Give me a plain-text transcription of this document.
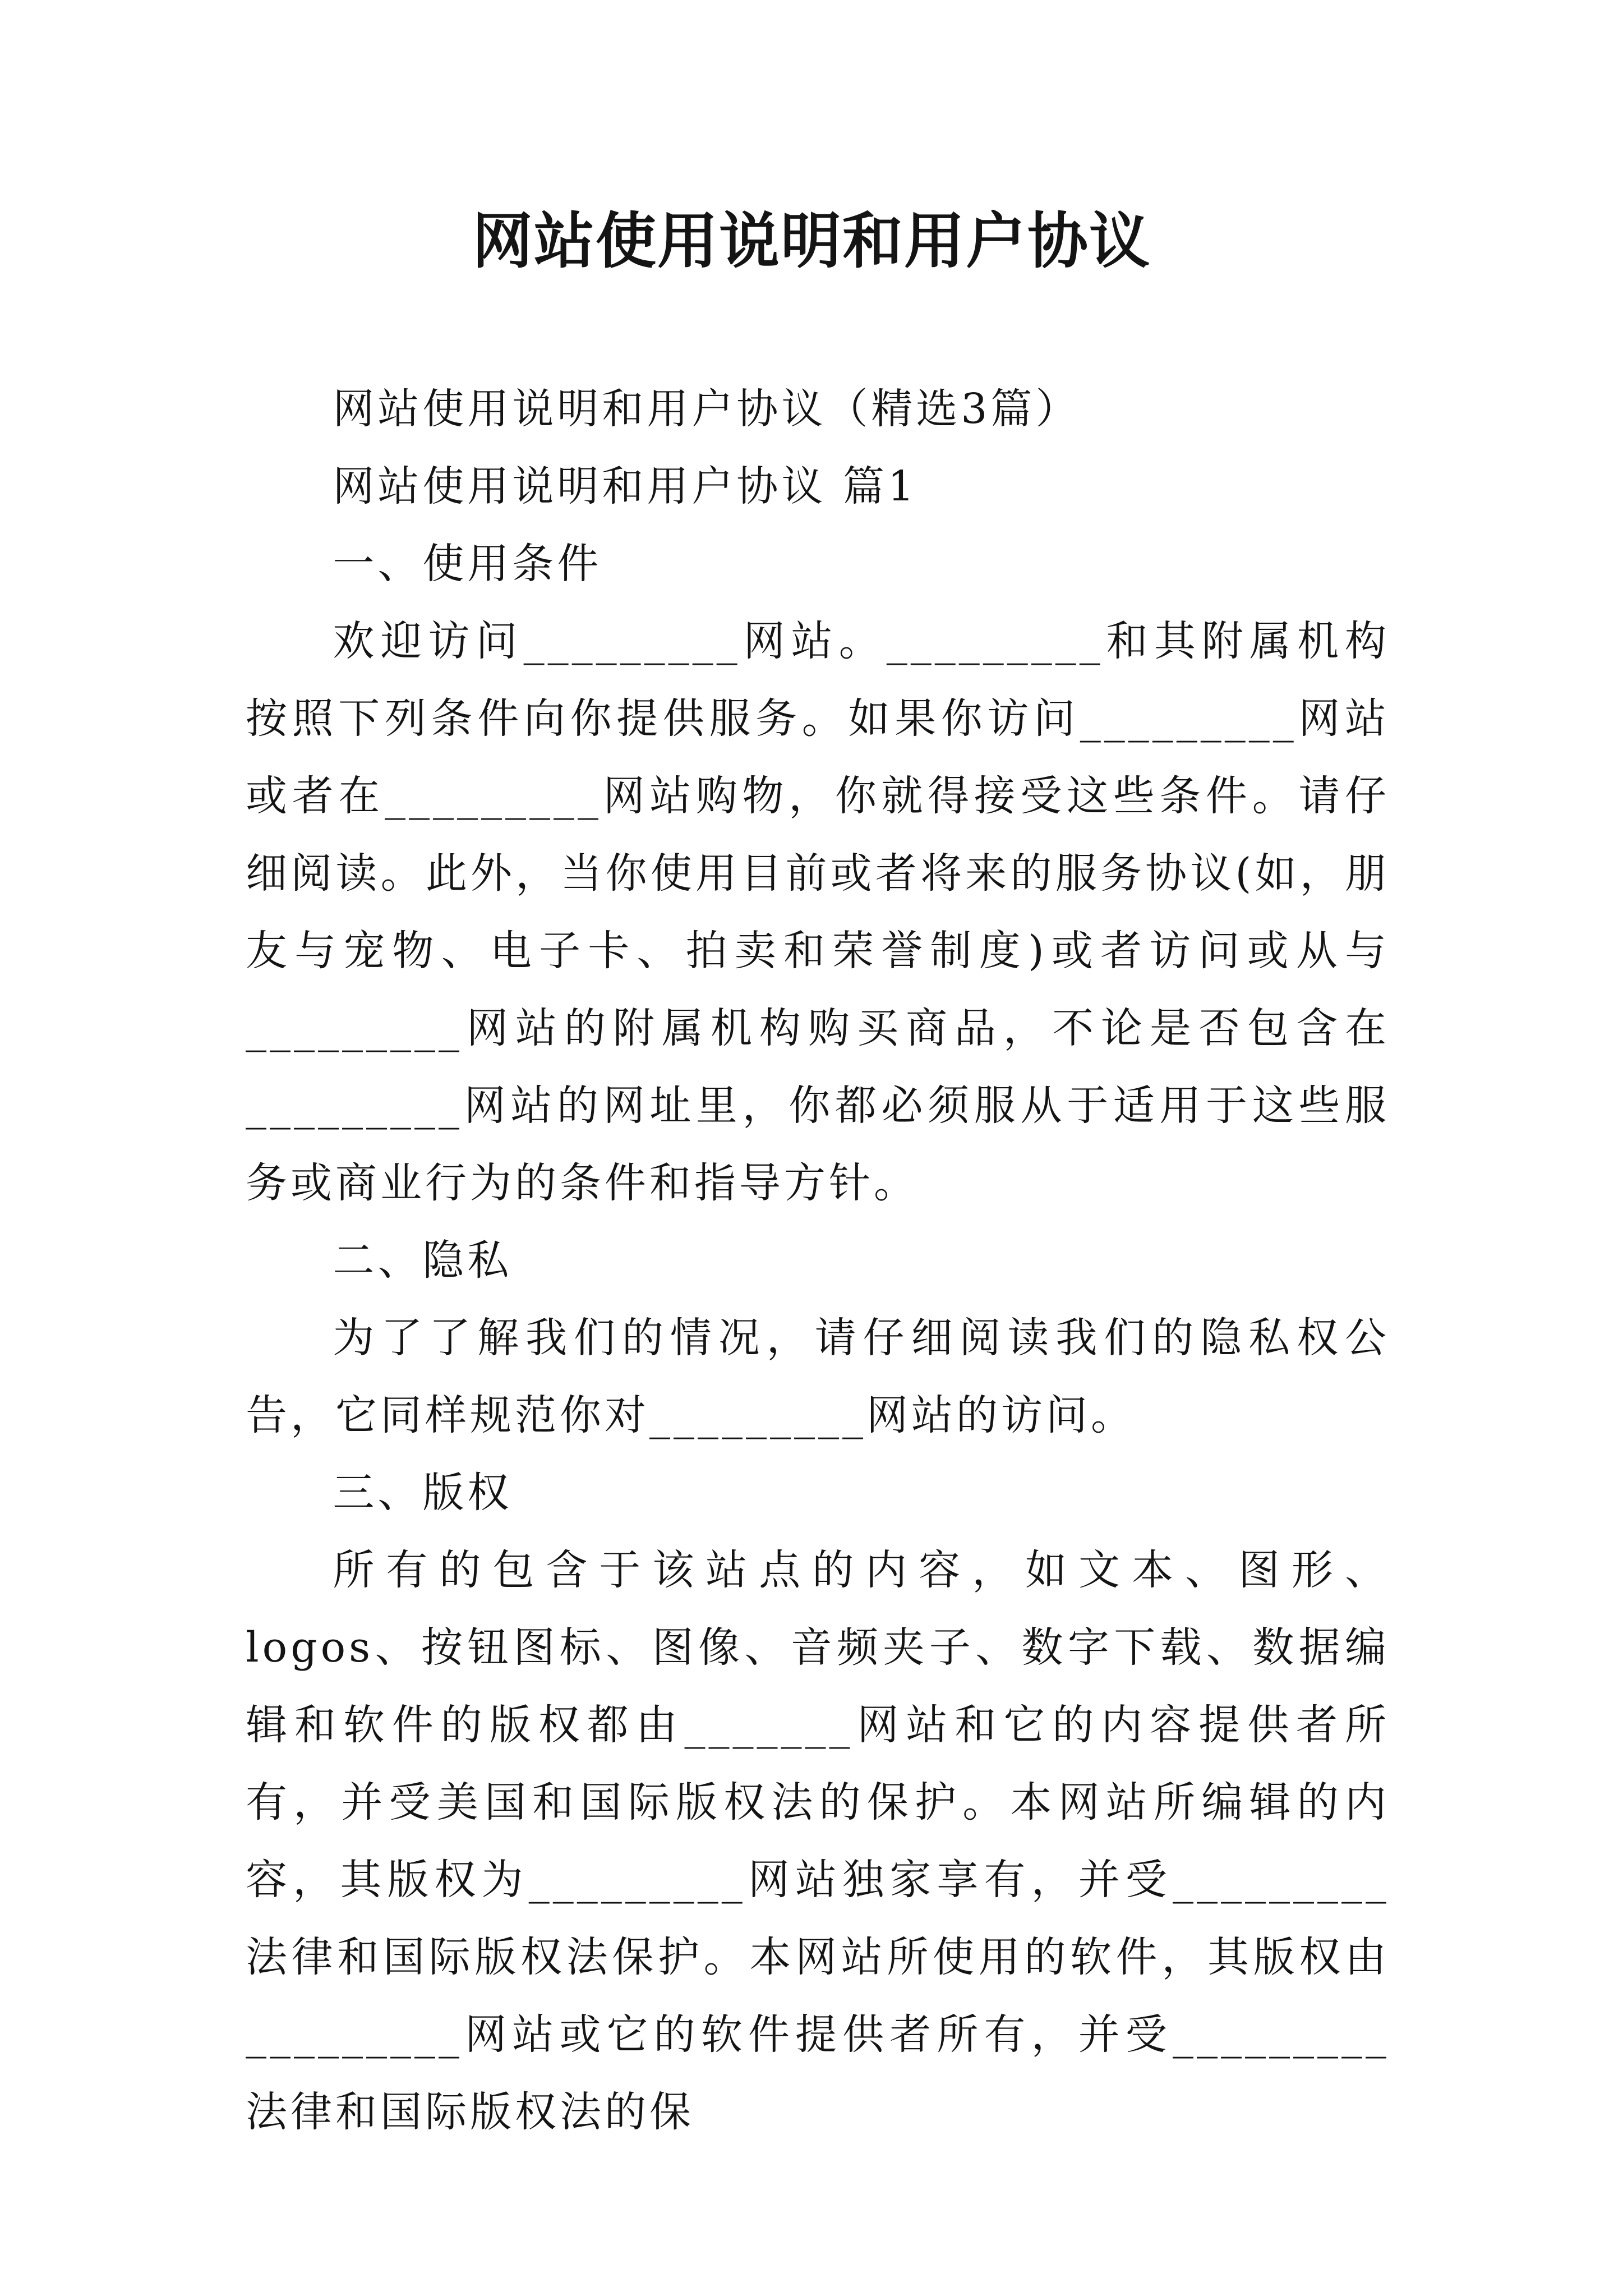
网站使用说明和用户协议

网站使用说明和用户协议（精选3篇）

网站使用说明和用户协议 篇1

一、使用条件

欢迎访问_________网站。_________和其附属机构按照下列条件向你提供服务。如果你访问_________网站或者在_________网站购物，你就得接受这些条件。请仔细阅读。此外，当你使用目前或者将来的服务协议(如，朋友与宠物、电子卡、拍卖和荣誉制度)或者访问或从与_________网站的附属机构购买商品，不论是否包含在_________网站的网址里，你都必须服从于适用于这些服务或商业行为的条件和指导方针。

二、隐私

为了了解我们的情况，请仔细阅读我们的隐私权公告，它同样规范你对_________网站的访问。

三、版权

所有的包含于该站点的内容，如文本、图形、logos、按钮图标、图像、音频夹子、数字下载、数据编辑和软件的版权都由_______网站和它的内容提供者所有，并受美国和国际版权法的保护。本网站所编辑的内容，其版权为_________网站独家享有，并受_________法律和国际版权法保护。本网站所使用的软件，其版权由_________网站或它的软件提供者所有，并受_________法律和国际版权法的保
